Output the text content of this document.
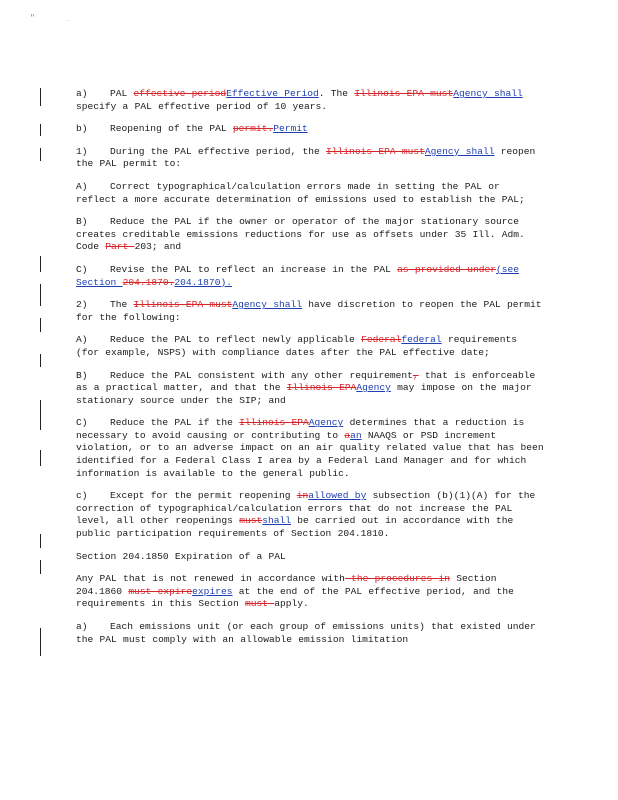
"	.

a) PAL effective periodEffective Period. The Illinois EPA mustAgency shall specify a PAL effective period of 10 years.

b) Reopening of the PAL permit.Permit

1) During the PAL effective period, the Illinois EPA mustAgency shall reopen the PAL permit to:

A) Correct typographical/calculation errors made in setting the PAL or reflect a more accurate determination of emissions used to establish the PAL;

B) Reduce the PAL if the owner or operator of the major stationary source creates creditable emissions reductions for use as offsets under 35 Ill. Adm. Code Part 203; and

C) Revise the PAL to reflect an increase in the PAL as provided under(see Section 204.1870.204.1870).

2) The Illinois EPA mustAgency shall have discretion to reopen the PAL permit for the following:

A) Reduce the PAL to reflect newly applicable Federalfederal requirements (for example, NSPS) with compliance dates after the PAL effective date;

B) Reduce the PAL consistent with any other requirement, that is enforceable as a practical matter, and that the Illinois EPAAgency may impose on the major stationary source under the SIP; and

C) Reduce the PAL if the Illinois EPAAgency determines that a reduction is necessary to avoid causing or contributing to aan NAAQS or PSD increment violation, or to an adverse impact on an air quality related value that has been identified for a Federal Class I area by a Federal Land Manager and for which information is available to the general public.

c) Except for the permit reopening inallowed by subsection (b)(1)(A) for the correction of typographical/calculation errors that do not increase the PAL level, all other reopenings mustshall be carried out in accordance with the public participation requirements of Section 204.1810.

Section 204.1850 Expiration of a PAL

Any PAL that is not renewed in accordance with the procedures in Section 204.1860 must expireexpires at the end of the PAL effective period, and the requirements in this Section must apply.

a) Each emissions unit (or each group of emissions units) that existed under the PAL must comply with an allowable emission limitation
